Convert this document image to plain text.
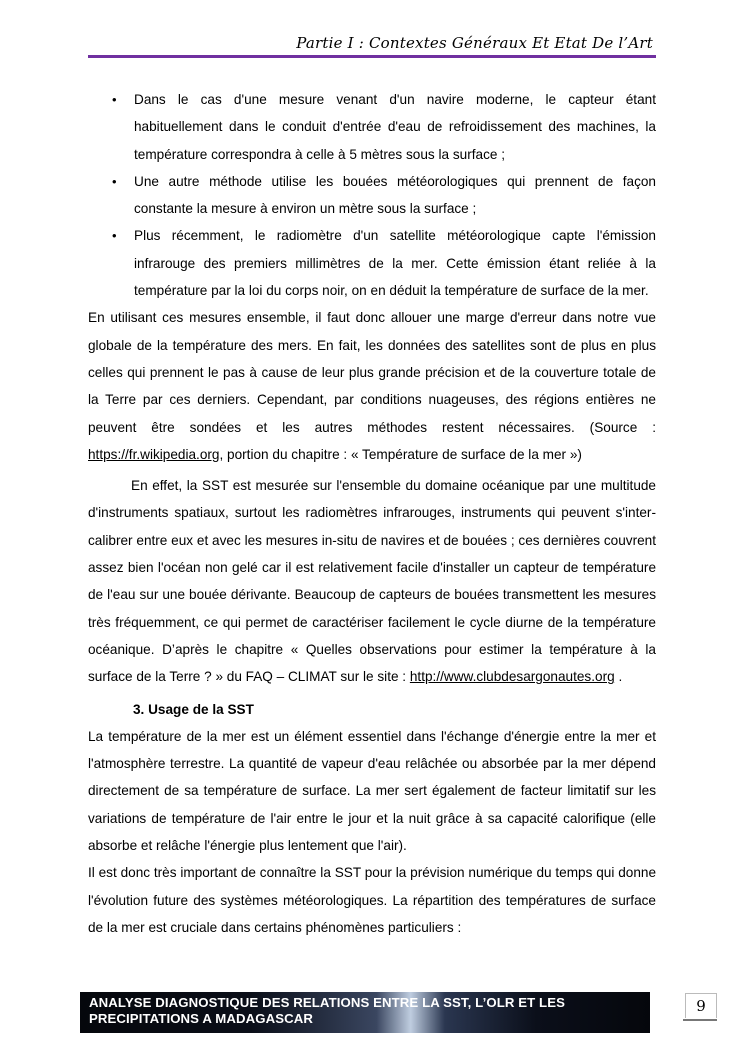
Partie I : Contextes Généraux Et Etat De l’Art
• Dans le cas d'une mesure venant d'un navire moderne, le capteur étant habituellement dans le conduit d'entrée d'eau de refroidissement des machines, la température correspondra à celle à 5 mètres sous la surface ;
• Une autre méthode utilise les bouées météorologiques qui prennent de façon constante la mesure à environ un mètre sous la surface ;
• Plus récemment, le radiomètre d'un satellite météorologique capte l'émission infrarouge des premiers millimètres de la mer. Cette émission étant reliée à la température par la loi du corps noir, on en déduit la température de surface de la mer.

En utilisant ces mesures ensemble, il faut donc allouer une marge d'erreur dans notre vue globale de la température des mers. En fait, les données des satellites sont de plus en plus celles qui prennent le pas à cause de leur plus grande précision et de la couverture totale de la Terre par ces derniers. Cependant, par conditions nuageuses, des régions entières ne peuvent être sondées et les autres méthodes restent nécessaires. (Source : https://fr.wikipedia.org, portion du chapitre : « Température de surface de la mer »)

En effet, la SST est mesurée sur l'ensemble du domaine océanique par une multitude d'instruments spatiaux, surtout les radiomètres infrarouges, instruments qui peuvent s'inter-calibrer entre eux et avec les mesures in-situ de navires et de bouées ; ces dernières couvrent assez bien l'océan non gelé car il est relativement facile d'installer un capteur de température de l'eau sur une bouée dérivante. Beaucoup de capteurs de bouées transmettent les mesures très fréquemment, ce qui permet de caractériser facilement le cycle diurne de la température océanique. D’après le chapitre « Quelles observations pour estimer la température à la surface de la Terre ? » du FAQ – CLIMAT sur le site : http://www.clubdesargonautes.org .

3. Usage de la SST

La température de la mer est un élément essentiel dans l'échange d'énergie entre la mer et l'atmosphère terrestre. La quantité de vapeur d'eau relâchée ou absorbée par la mer dépend directement de sa température de surface. La mer sert également de facteur limitatif sur les variations de température de l'air entre le jour et la nuit grâce à sa capacité calorifique (elle absorbe et relâche l'énergie plus lentement que l'air).

Il est donc très important de connaître la SST pour la prévision numérique du temps qui donne l'évolution future des systèmes météorologiques. La répartition des températures de surface de la mer est cruciale dans certains phénomènes particuliers :

ANALYSE DIAGNOSTIQUE DES RELATIONS ENTRE LA SST, L’OLR ET LES PRECIPITATIONS A MADAGASCAR
9
